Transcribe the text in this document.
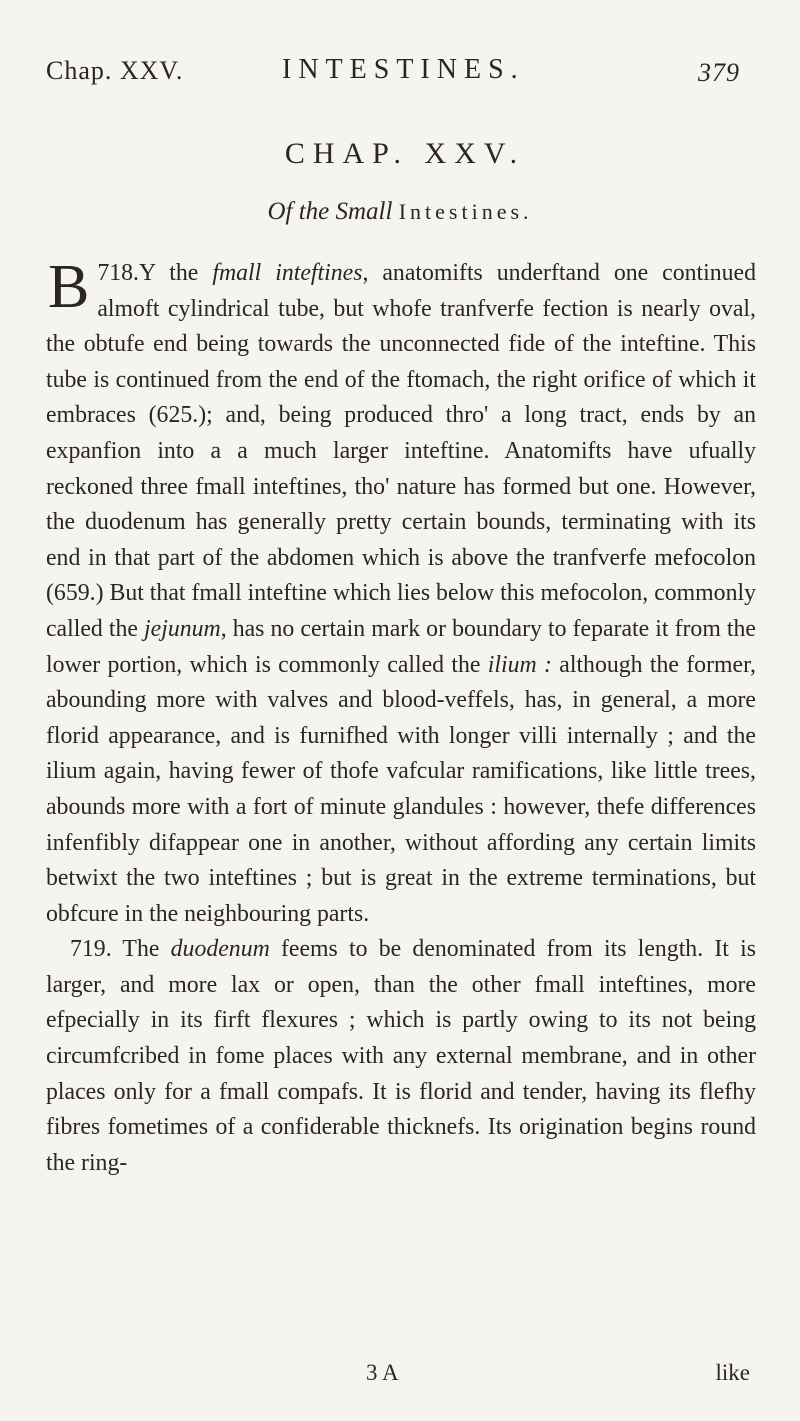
Chap. XXV.	INTESTINES.	379
CHAP. XXV.
Of the Small Intestines.

718.
B Y the fmall inteftines, anatomifts underftand one continued almoft cylindrical tube, but whofe tranfverfe fection is nearly oval, the obtufe end being towards the unconnected fide of the inteftine. This tube is continued from the end of the ftomach, the right orifice of which it embraces (625.); and, being produced thro' a long tract, ends by an expanfion into a a much larger inteftine. Anatomifts have ufually reckoned three fmall inteftines, tho' nature has formed but one. However, the duodenum has generally pretty certain bounds, terminating with its end in that part of the abdomen which is above the tranfverfe mefocolon (659.) But that fmall inteftine which lies below this mefocolon, commonly called the jejunum, has no certain mark or boundary to feparate it from the lower portion, which is commonly called the ilium : although the former, abounding more with valves and blood-veffels, has, in general, a more florid appearance, and is furnifhed with longer villi internally ; and the ilium again, having fewer of thofe vafcular ramifications, like little trees, abounds more with a fort of minute glandules : however, thefe differences infenfibly difappear one in another, without affording any certain limits betwixt the two inteftines ; but is great in the extreme terminations, but obfcure in the neighbouring parts.

719. The duodenum feems to be denominated from its length. It is larger, and more lax or open, than the other fmall inteftines, more efpecially in its firft flexures ; which is partly owing to its not being circumfcribed in fome places with any external membrane, and in other places only for a fmall compafs. It is florid and tender, having its flefhy fibres fometimes of a confiderable thicknefs. Its origination begins round the ring-

3 A	like
